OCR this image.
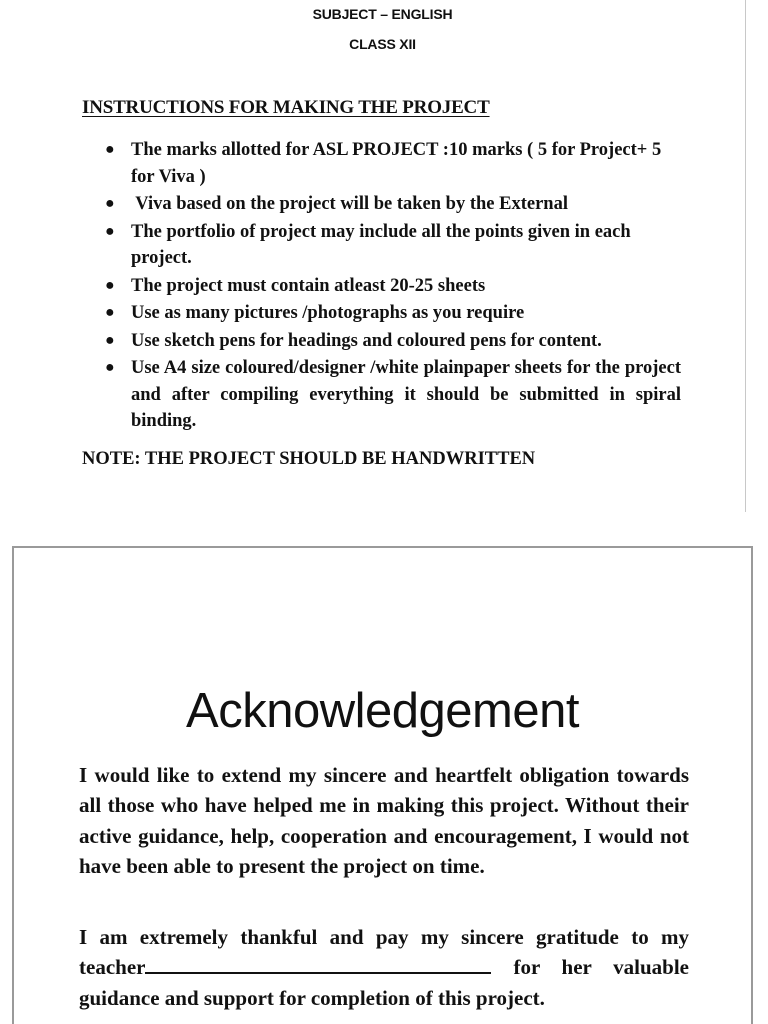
SUBJECT – ENGLISH
CLASS XII
INSTRUCTIONS FOR MAKING THE PROJECT
● The marks allotted for ASL PROJECT :10 marks ( 5 for Project+ 5 for Viva )
● Viva based on the project will be taken by the External
● The portfolio of project may include all the points given in each project.
● The project must contain atleast 20-25 sheets
● Use as many pictures /photographs as you require
● Use sketch pens for headings and coloured pens for content.
● Use A4 size coloured/designer /white plainpaper sheets for the project and after compiling everything it should be submitted in spiral binding.
NOTE: THE PROJECT SHOULD BE HANDWRITTEN
Acknowledgement

I would like to extend my sincere and heartfelt obligation towards all those who have helped me in making this project. Without their active guidance, help, cooperation and encouragement, I would not have been able to present the project on time.

I am extremely thankful and pay my sincere gratitude to my teacher	for her valuable guidance and support for completion of this project.
